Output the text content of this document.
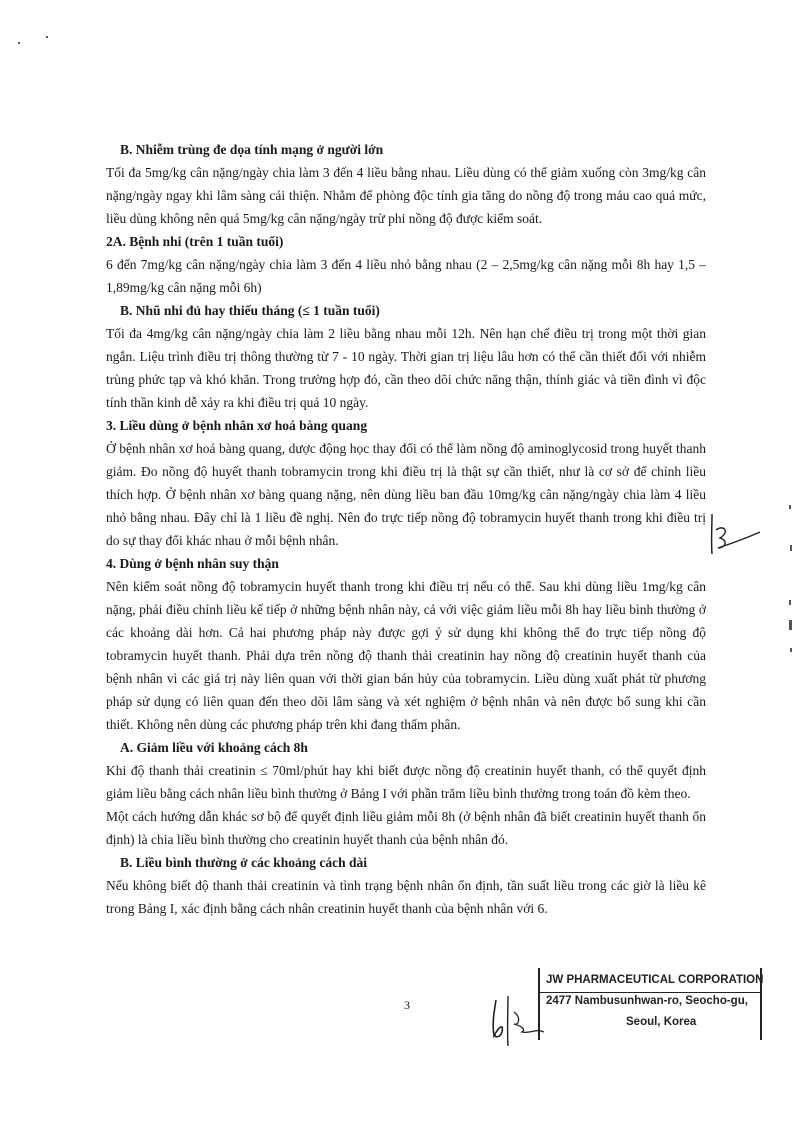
B. Nhiễm trùng đe dọa tính mạng ở người lớn

Tối đa 5mg/kg cân nặng/ngày chia làm 3 đến 4 liều bằng nhau. Liều dùng có thể giảm xuống còn 3mg/kg cân nặng/ngày ngay khi lâm sàng cải thiện. Nhằm để phòng độc tính gia tăng do nồng độ trong máu cao quá mức, liều dùng không nên quá 5mg/kg cân nặng/ngày trừ phi nồng độ được kiểm soát.

2A. Bệnh nhi (trên 1 tuần tuổi)

6 đến 7mg/kg cân nặng/ngày chia làm 3 đến 4 liều nhỏ bằng nhau (2 – 2,5mg/kg cân nặng mỗi 8h hay 1,5 – 1,89mg/kg cân nặng mỗi 6h)

B. Nhũ nhi đủ hay thiếu tháng (≤ 1 tuần tuổi)

Tối đa 4mg/kg cân nặng/ngày chia làm 2 liều bằng nhau mỗi 12h. Nên hạn chế điều trị trong một thời gian ngắn. Liệu trình điều trị thông thường từ 7 - 10 ngày. Thời gian trị liệu lâu hơn có thể cần thiết đối với nhiễm trùng phức tạp và khó khăn. Trong trường hợp đó, cần theo dõi chức năng thận, thính giác và tiền đình vì độc tính thần kinh dễ xảy ra khi điều trị quá 10 ngày.

3. Liều dùng ở bệnh nhân xơ hoá bàng quang

Ở bệnh nhân xơ hoá bàng quang, dược động học thay đổi có thể làm nồng độ aminoglycosid trong huyết thanh giảm. Đo nồng độ huyết thanh tobramycin trong khi điều trị là thật sự cần thiết, như là cơ sở để chỉnh liều thích hợp. Ở bệnh nhân xơ bàng quang nặng, nên dùng liều ban đầu 10mg/kg cân nặng/ngày chia làm 4 liều nhỏ bằng nhau. Đây chỉ là 1 liều đề nghị. Nên đo trực tiếp nồng độ tobramycin huyết thanh trong khi điều trị do sự thay đổi khác nhau ở mỗi bệnh nhân.

4. Dùng ở bệnh nhân suy thận

Nên kiểm soát nồng độ tobramycin huyết thanh trong khi điều trị nếu có thể. Sau khi dùng liều 1mg/kg cân nặng, phải điều chỉnh liều kế tiếp ở những bệnh nhân này, cả với việc giảm liều mỗi 8h hay liều bình thường ở các khoảng dài hơn. Cả hai phương pháp này được gợi ý sử dụng khi không thể đo trực tiếp nồng độ tobramycin huyết thanh. Phải dựa trên nồng độ thanh thải creatinin hay nồng độ creatinin huyết thanh của bệnh nhân vì các giá trị này liên quan với thời gian bán hủy của tobramycin. Liều dùng xuất phát từ phương pháp sử dụng có liên quan đến theo dõi lâm sàng và xét nghiệm ở bệnh nhân và nên được bổ sung khi cần thiết. Không nên dùng các phương pháp trên khi đang thẩm phân.

A. Giảm liều với khoảng cách 8h

Khi độ thanh thải creatinin ≤ 70ml/phút hay khi biết được nồng độ creatinin huyết thanh, có thể quyết định giảm liều bằng cách nhân liều bình thường ở Bảng I với phần trăm liều bình thường trong toán đồ kèm theo.

Một cách hướng dẫn khác sơ bộ để quyết định liều giảm mỗi 8h (ở bệnh nhân đã biết creatinin huyết thanh ổn định) là chia liều bình thường cho creatinin huyết thanh của bệnh nhân đó.

B. Liều bình thường ở các khoảng cách dài

Nếu không biết độ thanh thải creatinin và tình trạng bệnh nhân ổn định, tần suất liều trong các giờ là liều kê trong Bảng I, xác định bằng cách nhân creatinin huyết thanh của bệnh nhân với 6.

3
JW PHARMACEUTICAL CORPORATION
2477 Nambusunhwan-ro, Seocho-gu,
Seoul, Korea
